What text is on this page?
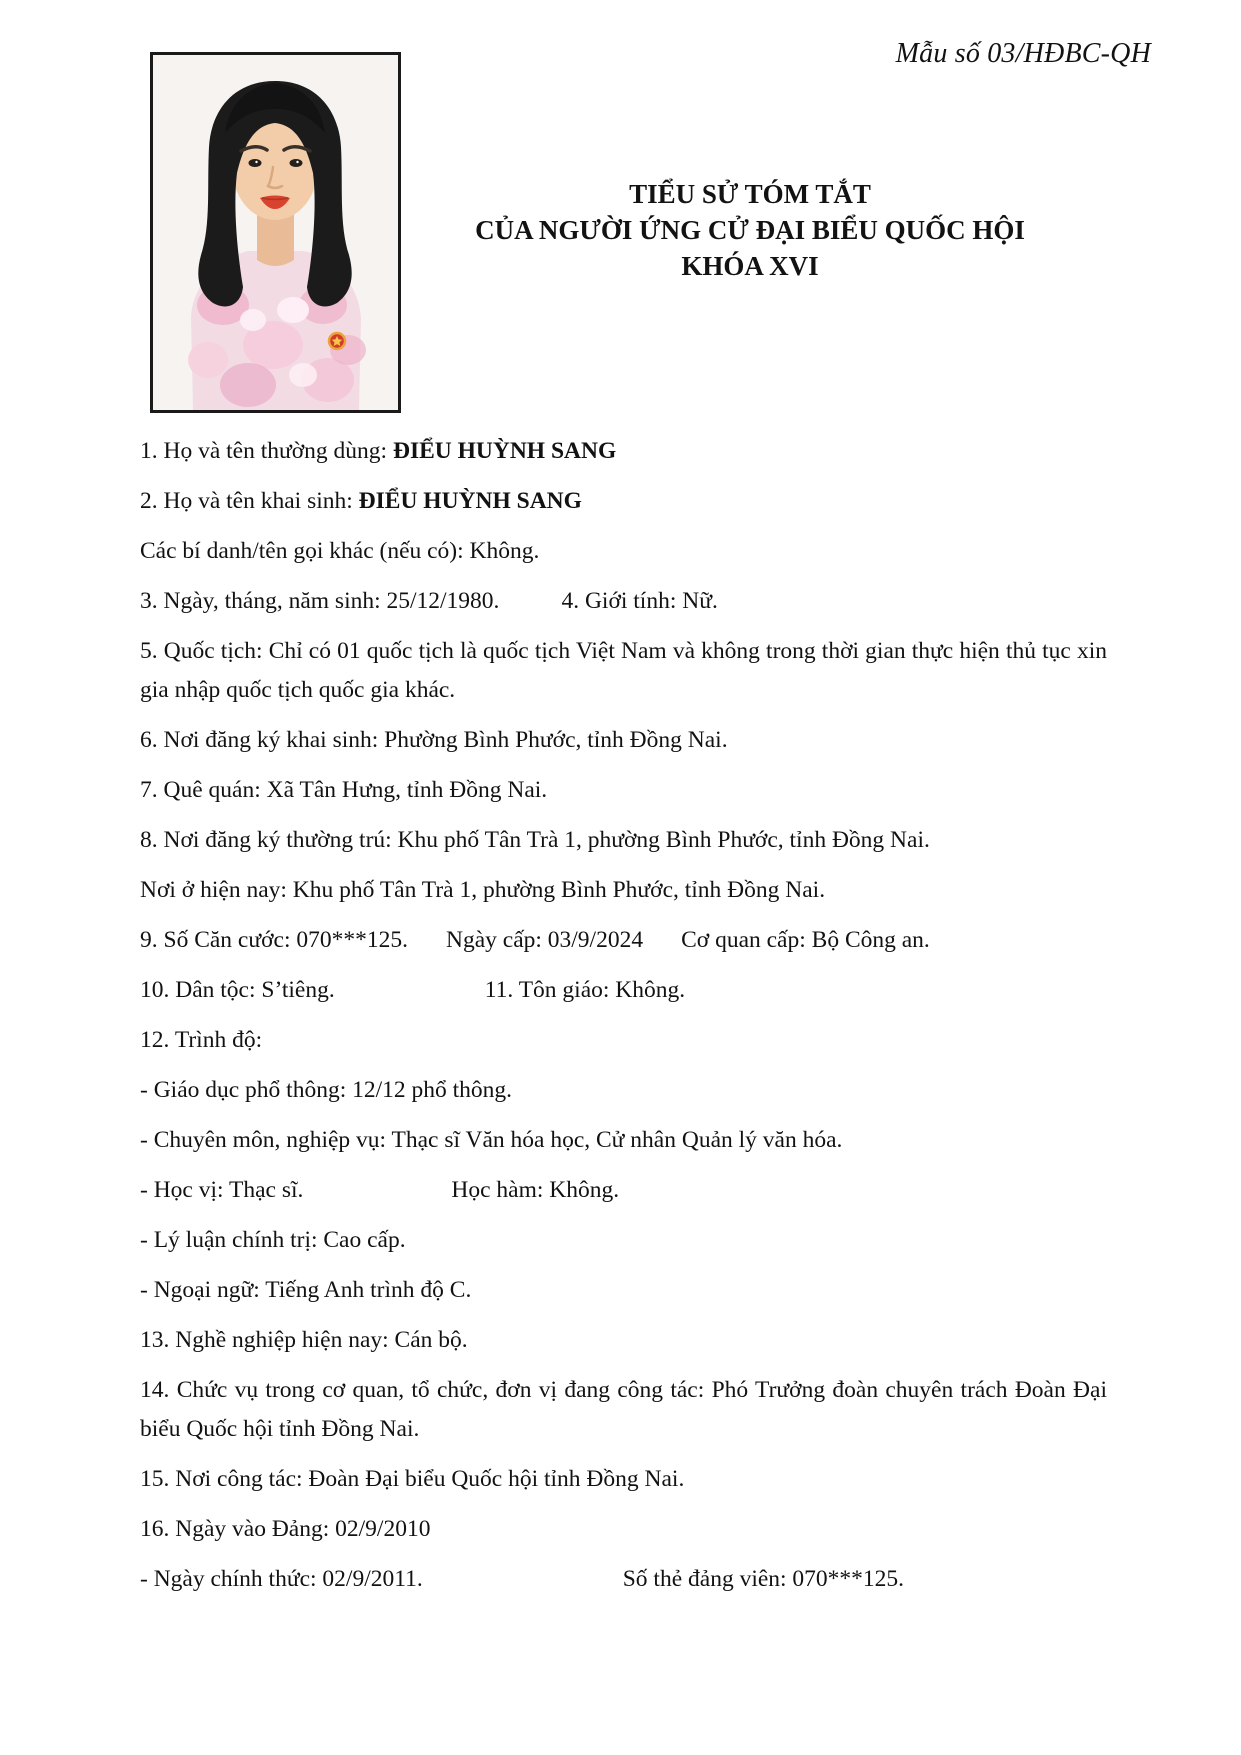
Mẫu số 03/HĐBC-QH
TIỂU SỬ TÓM TẮT
CỦA NGƯỜI ỨNG CỬ ĐẠI BIỂU QUỐC HỘI
KHÓA XVI

1. Họ và tên thường dùng: ĐIỂU HUỲNH SANG

2. Họ và tên khai sinh: ĐIỂU HUỲNH SANG

Các bí danh/tên gọi khác (nếu có): Không.

3. Ngày, tháng, năm sinh: 25/12/1980.	4. Giới tính: Nữ.

5. Quốc tịch: Chỉ có 01 quốc tịch là quốc tịch Việt Nam và không trong thời gian thực hiện thủ tục xin gia nhập quốc tịch quốc gia khác.

6. Nơi đăng ký khai sinh: Phường Bình Phước, tỉnh Đồng Nai.

7. Quê quán: Xã Tân Hưng, tỉnh Đồng Nai.

8. Nơi đăng ký thường trú: Khu phố Tân Trà 1, phường Bình Phước, tỉnh Đồng Nai.

Nơi ở hiện nay: Khu phố Tân Trà 1, phường Bình Phước, tỉnh Đồng Nai.

9. Số Căn cước: 070***125. Ngày cấp: 03/9/2024 Cơ quan cấp: Bộ Công an.

10. Dân tộc: S’tiêng.	11. Tôn giáo: Không.

12. Trình độ:

- Giáo dục phổ thông: 12/12 phổ thông.

- Chuyên môn, nghiệp vụ: Thạc sĩ Văn hóa học, Cử nhân Quản lý văn hóa.

- Học vị: Thạc sĩ.	Học hàm: Không.

- Lý luận chính trị: Cao cấp.

- Ngoại ngữ: Tiếng Anh trình độ C.

13. Nghề nghiệp hiện nay: Cán bộ.

14. Chức vụ trong cơ quan, tổ chức, đơn vị đang công tác: Phó Trưởng đoàn chuyên trách Đoàn Đại biểu Quốc hội tỉnh Đồng Nai.

15. Nơi công tác: Đoàn Đại biểu Quốc hội tỉnh Đồng Nai.

16. Ngày vào Đảng: 02/9/2010

- Ngày chính thức: 02/9/2011.	Số thẻ đảng viên: 070***125.
